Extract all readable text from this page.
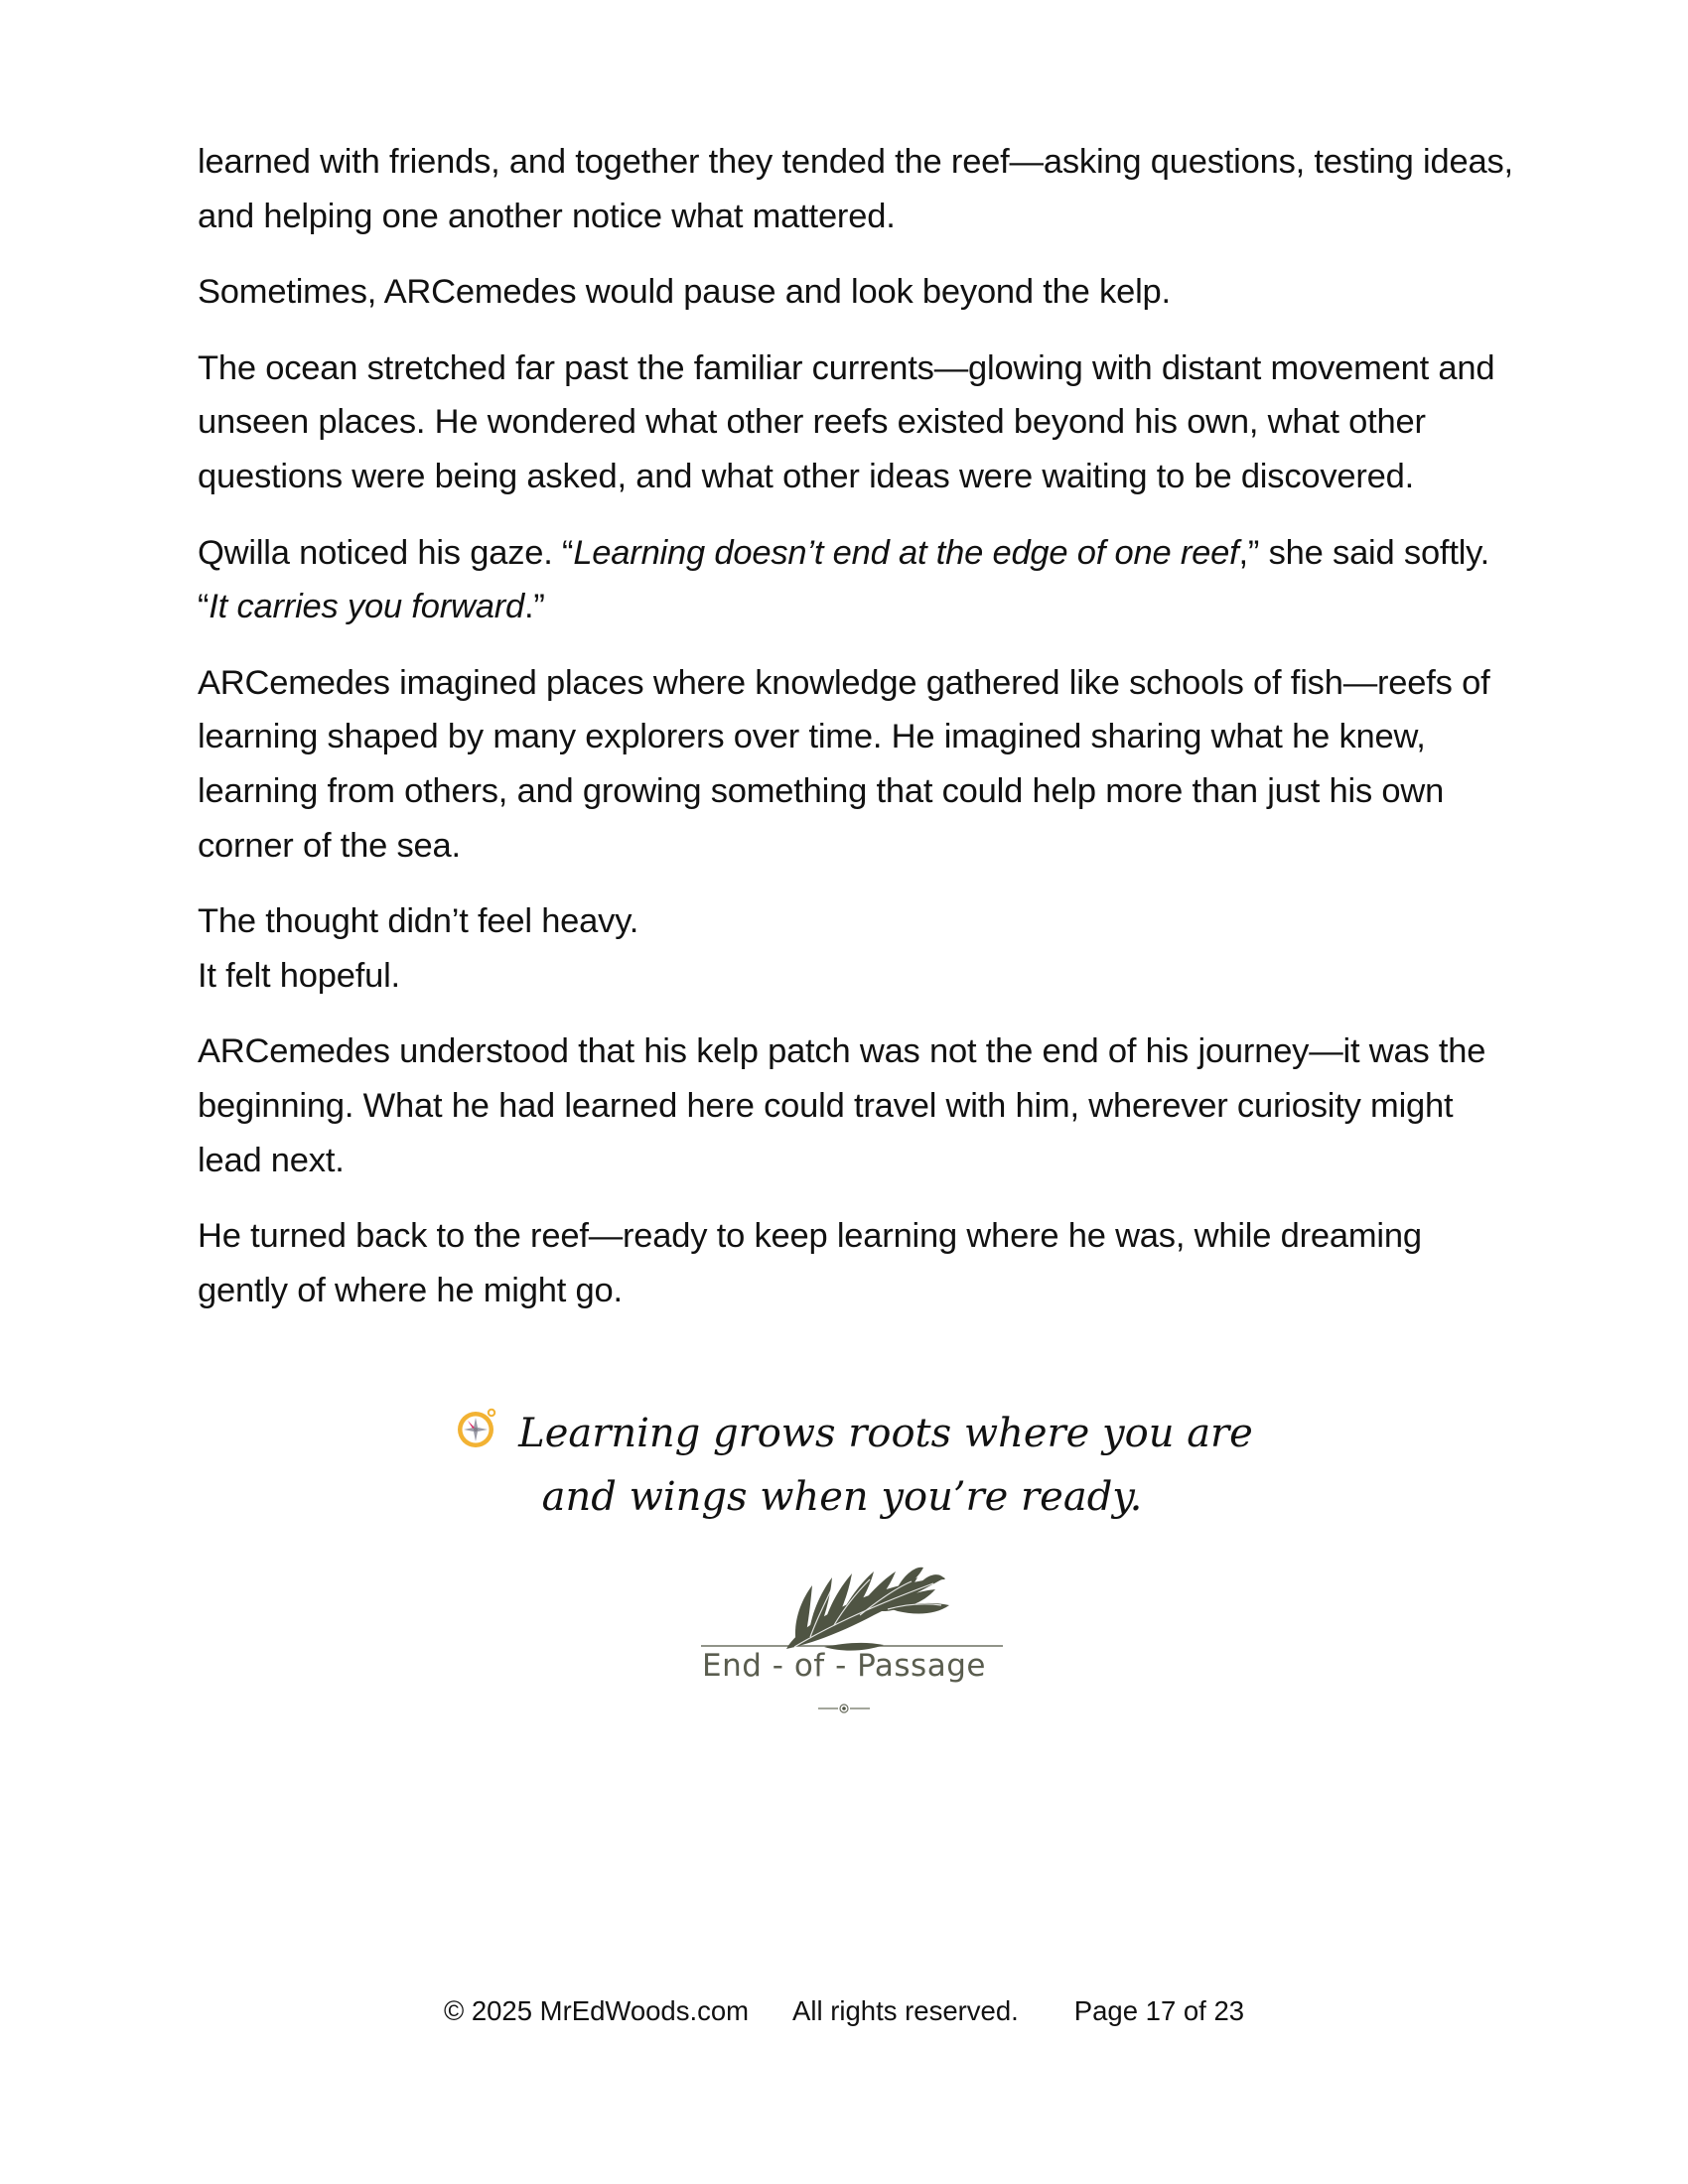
learned with friends, and together they tended the reef—asking questions, testing ideas, and helping one another notice what mattered.

Sometimes, ARCemedes would pause and look beyond the kelp.

The ocean stretched far past the familiar currents—glowing with distant movement and unseen places. He wondered what other reefs existed beyond his own, what other questions were being asked, and what other ideas were waiting to be discovered.

Qwilla noticed his gaze. “Learning doesn’t end at the edge of one reef,” she said softly. “It carries you forward.”

ARCemedes imagined places where knowledge gathered like schools of fish—reefs of learning shaped by many explorers over time. He imagined sharing what he knew, learning from others, and growing something that could help more than just his own corner of the sea.

The thought didn’t feel heavy.
It felt hopeful.

ARCemedes understood that his kelp patch was not the end of his journey—it was the beginning. What he had learned here could travel with him, wherever curiosity might lead next.

He turned back to the reef—ready to keep learning where he was, while dreaming gently of where he might go.

Learning grows roots where you are
and wings when you’re ready.
End - of - Passage
© 2025 MrEdWoods.com All rights reserved. Page 17 of 23
